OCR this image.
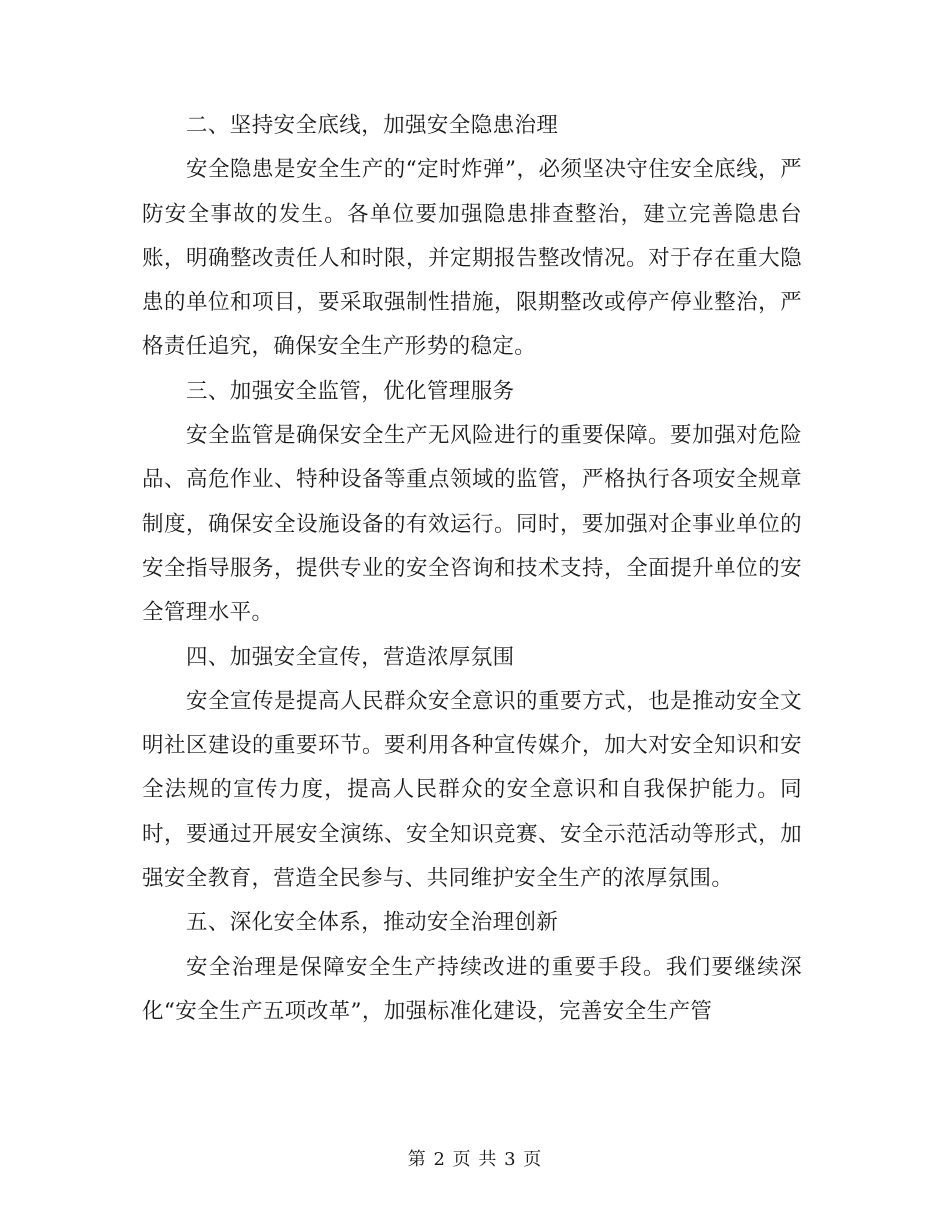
二、坚持安全底线，加强安全隐患治理

安全隐患是安全生产的“定时炸弹”，必须坚决守住安全底线，严防安全事故的发生。各单位要加强隐患排查整治，建立完善隐患台账，明确整改责任人和时限，并定期报告整改情况。对于存在重大隐患的单位和项目，要采取强制性措施，限期整改或停产停业整治，严格责任追究，确保安全生产形势的稳定。

三、加强安全监管，优化管理服务

安全监管是确保安全生产无风险进行的重要保障。要加强对危险品、高危作业、特种设备等重点领域的监管，严格执行各项安全规章制度，确保安全设施设备的有效运行。同时，要加强对企事业单位的安全指导服务，提供专业的安全咨询和技术支持，全面提升单位的安全管理水平。

四、加强安全宣传，营造浓厚氛围

安全宣传是提高人民群众安全意识的重要方式，也是推动安全文明社区建设的重要环节。要利用各种宣传媒介，加大对安全知识和安全法规的宣传力度，提高人民群众的安全意识和自我保护能力。同时，要通过开展安全演练、安全知识竞赛、安全示范活动等形式，加强安全教育，营造全民参与、共同维护安全生产的浓厚氛围。

五、深化安全体系，推动安全治理创新

安全治理是保障安全生产持续改进的重要手段。我们要继续深化“安全生产五项改革”，加强标准化建设，完善安全生产管

第 2 页 共 3 页
